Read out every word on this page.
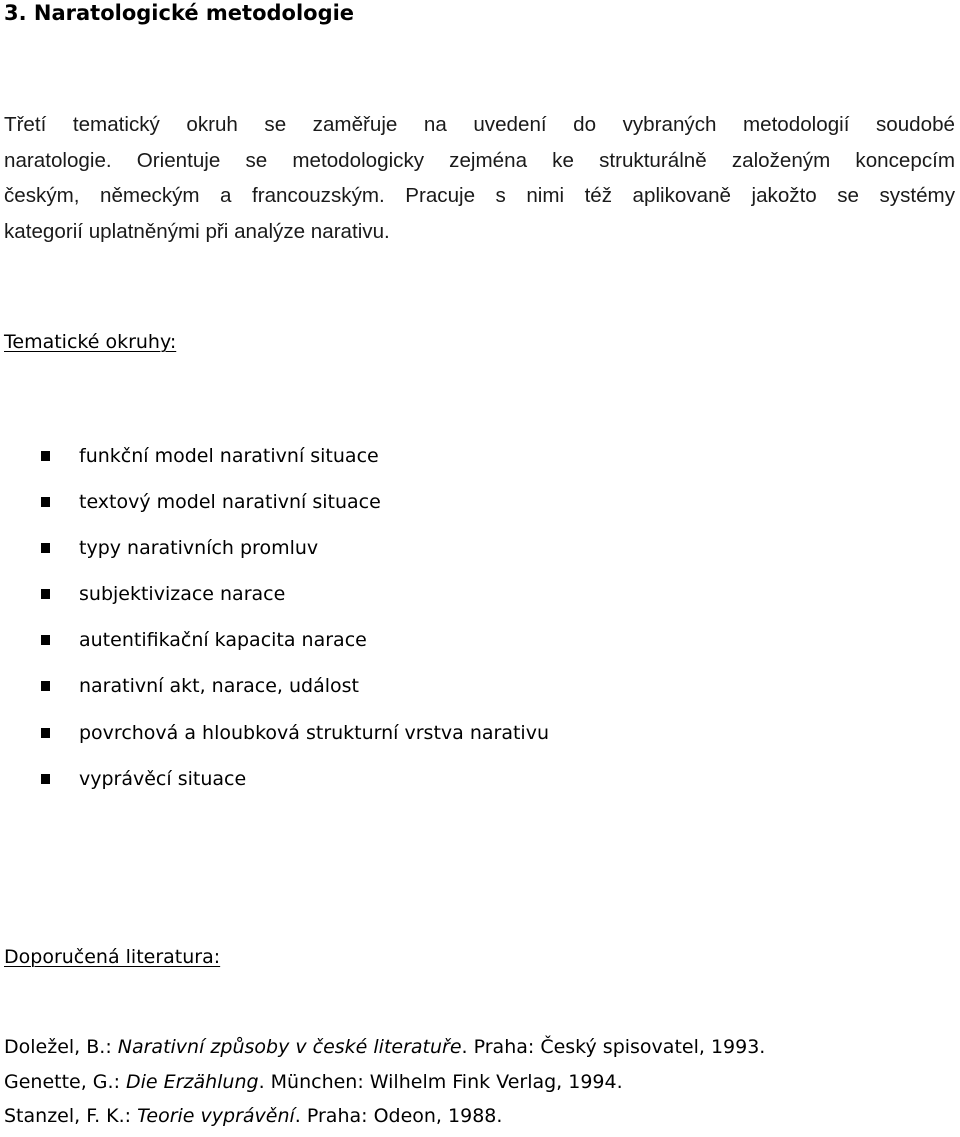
3. Naratologické metodologie
Třetí tematický okruh se zaměřuje na uvedení do vybraných metodologií soudobé
naratologie. Orientuje se metodologicky zejména ke strukturálně založeným koncepcím
českým, německým a francouzským. Pracuje s nimi též aplikovaně jakožto se systémy
kategorií uplatněnými při analýze narativu.
Tematické okruhy:
funkční model narativní situace
textový model narativní situace
typy narativních promluv
subjektivizace narace
autentifikační kapacita narace
narativní akt, narace, událost
povrchová a hloubková strukturní vrstva narativu
vyprávěcí situace
Doporučená literatura:
Doležel, B.: Narativní způsoby v české literatuře. Praha: Český spisovatel, 1993.
Genette, G.: Die Erzählung. München: Wilhelm Fink Verlag, 1994.
Stanzel, F. K.: Teorie vyprávění. Praha: Odeon, 1988.
